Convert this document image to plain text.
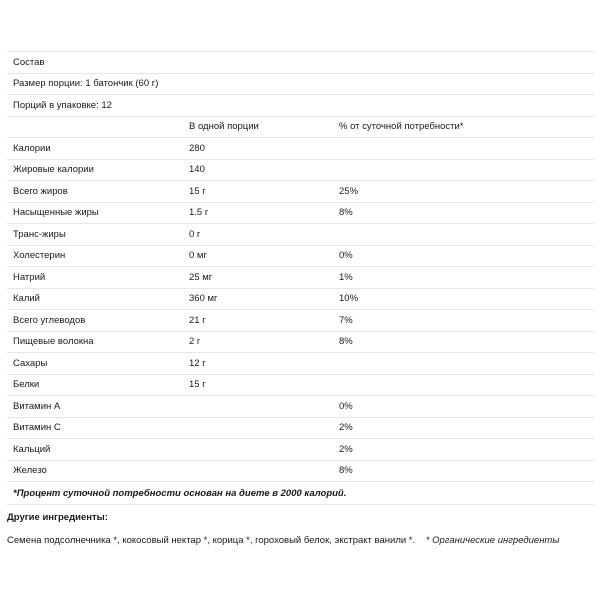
Состав		
Размер порции: 1 батончик (60 г)		
Порций в упаковке: 12		
	В одной порции	% от суточной потребности*
Калории	280	
Жировые калории	140	
Всего жиров	15 г	25%
Насыщенные жиры	1.5 г	8%
Транс-жиры	0 г	
Холестерин	0 мг	0%
Натрий	25 мг	1%
Калий	360 мг	10%
Всего углеводов	21 г	7%
Пищевые волокна	2 г	8%
Сахары	12 г	
Белки	15 г	
Витамин A		0%
Витамин C		2%
Кальций		2%
Железо		8%
*Процент суточной потребности основан на диете в 2000 калорий.		
Другие ингредиенты:
Семена подсолнечника *, кокосовый нектар *, корица *, гороховый белок, экстракт ванили *. * Органические ингредиенты
